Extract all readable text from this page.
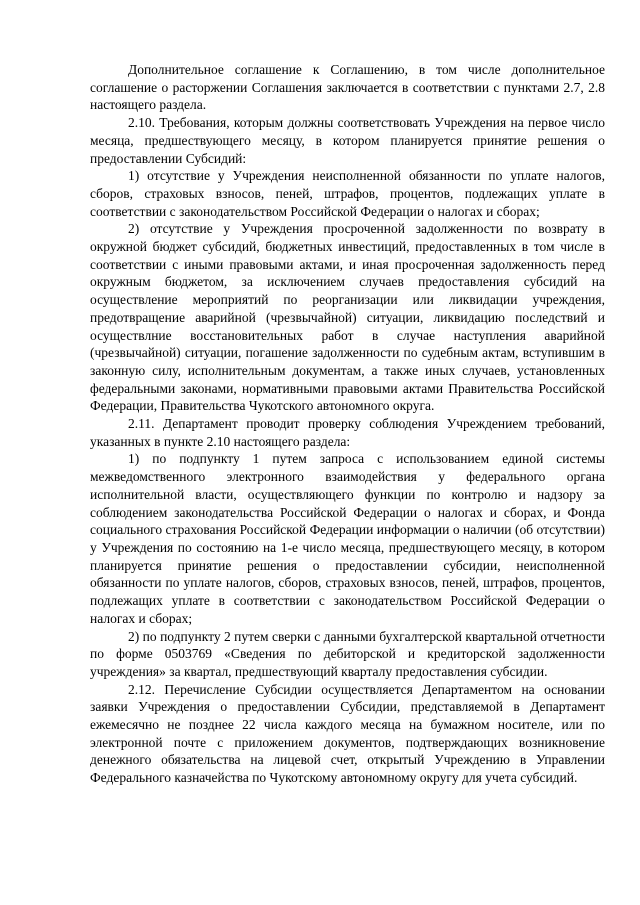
Дополнительное соглашение к Соглашению, в том числе дополнительное соглашение о расторжении Соглашения заключается в соответствии с пунктами 2.7, 2.8 настоящего раздела.

2.10. Требования, которым должны соответствовать Учреждения на первое число месяца, предшествующего месяцу, в котором планируется принятие решения о предоставлении Субсидий:

1) отсутствие у Учреждения неисполненной обязанности по уплате налогов, сборов, страховых взносов, пеней, штрафов, процентов, подлежащих уплате в соответствии с законодательством Российской Федерации о налогах и сборах;

2) отсутствие у Учреждения просроченной задолженности по возврату в окружной бюджет субсидий, бюджетных инвестиций, предоставленных в том числе в соответствии с иными правовыми актами, и иная просроченная задолженность перед окружным бюджетом, за исключением случаев предоставления субсидий на осуществление мероприятий по реорганизации или ликвидации учреждения, предотвращение аварийной (чрезвычайной) ситуации, ликвидацию последствий и осуществлние восстановительных работ в случае наступления аварийной (чрезвычайной) ситуации, погашение задолженности по судебным актам, вступившим в законную силу, исполнительным документам, а также иных случаев, установленных федеральными законами, нормативными правовыми актами Правительства Российской Федерации, Правительства Чукотского автономного округа.

2.11. Департамент проводит проверку соблюдения Учреждением требований, указанных в пункте 2.10 настоящего раздела:

1) по подпункту 1 путем запроса с использованием единой системы межведомственного электронного взаимодействия у федерального органа исполнительной власти, осуществляющего функции по контролю и надзору за соблюдением законодательства Российской Федерации о налогах и сборах, и Фонда социального страхования Российской Федерации информации о наличии (об отсутствии) у Учреждения по состоянию на 1-е число месяца, предшествующего месяцу, в котором планируется принятие решения о предоставлении субсидии, неисполненной обязанности по уплате налогов, сборов, страховых взносов, пеней, штрафов, процентов, подлежащих уплате в соответствии с законодательством Российской Федерации о налогах и сборах;

2) по подпункту 2 путем сверки с данными бухгалтерской квартальной отчетности по форме 0503769 «Сведения по дебиторской и кредиторской задолженности учреждения» за квартал, предшествующий кварталу предоставления субсидии.

2.12. Перечисление Субсидии осуществляется Департаментом на основании заявки Учреждения о предоставлении Субсидии, представляемой в Департамент ежемесячно не позднее 22 числа каждого месяца на бумажном носителе, или по электронной почте с приложением документов, подтверждающих возникновение денежного обязательства на лицевой счет, открытый Учреждению в Управлении Федерального казначейства по Чукотскому автономному округу для учета субсидий.
